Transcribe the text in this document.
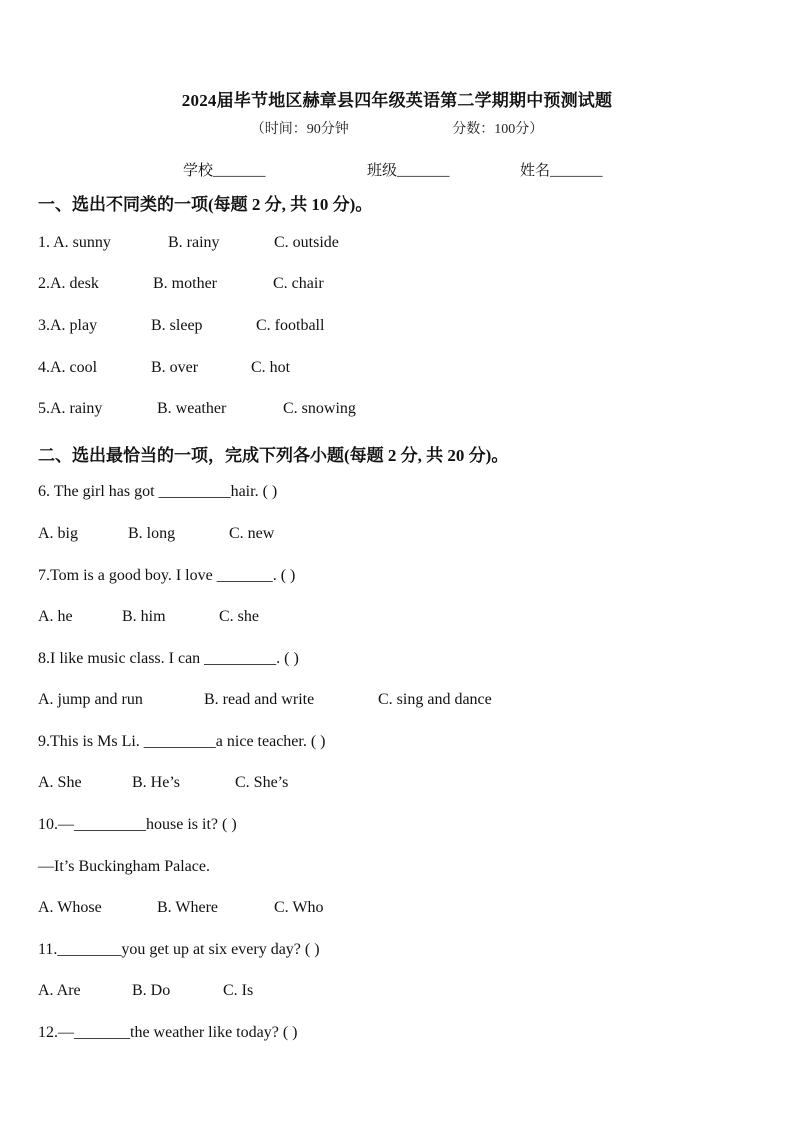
2024届毕节地区赫章县四年级英语第二学期期中预测试题
（时间：90分钟	分数：100分）
学校_______	班级_______	姓名_______
一、选出不同类的一项(每题 2 分, 共 10 分)。
1. A. sunny	B. rainy	C. outside
2.A. desk	B. mother	C. chair
3.A. play	B. sleep	C. football
4.A. cool	B. over	C. hot
5.A. rainy	B. weather	C. snowing
二、选出最恰当的一项，完成下列各小题(每题 2 分, 共 20 分)。
6. The girl has got _________hair. ( )
A. big	B. long	C. new
7.Tom is a good boy. I love _______. ( )
A. he	B. him	C. she
8.I like music class. I can _________. ( )
A. jump and run	B. read and write	C. sing and dance
9.This is Ms Li. _________a nice teacher. ( )
A. She	B. He’s	C. She’s
10.—_________house is it? ( )
—It’s Buckingham Palace.
A. Whose	B. Where	C. Who
11.________you get up at six every day? ( )
A. Are	B. Do	C. Is
12.—_______the weather like today? ( )
